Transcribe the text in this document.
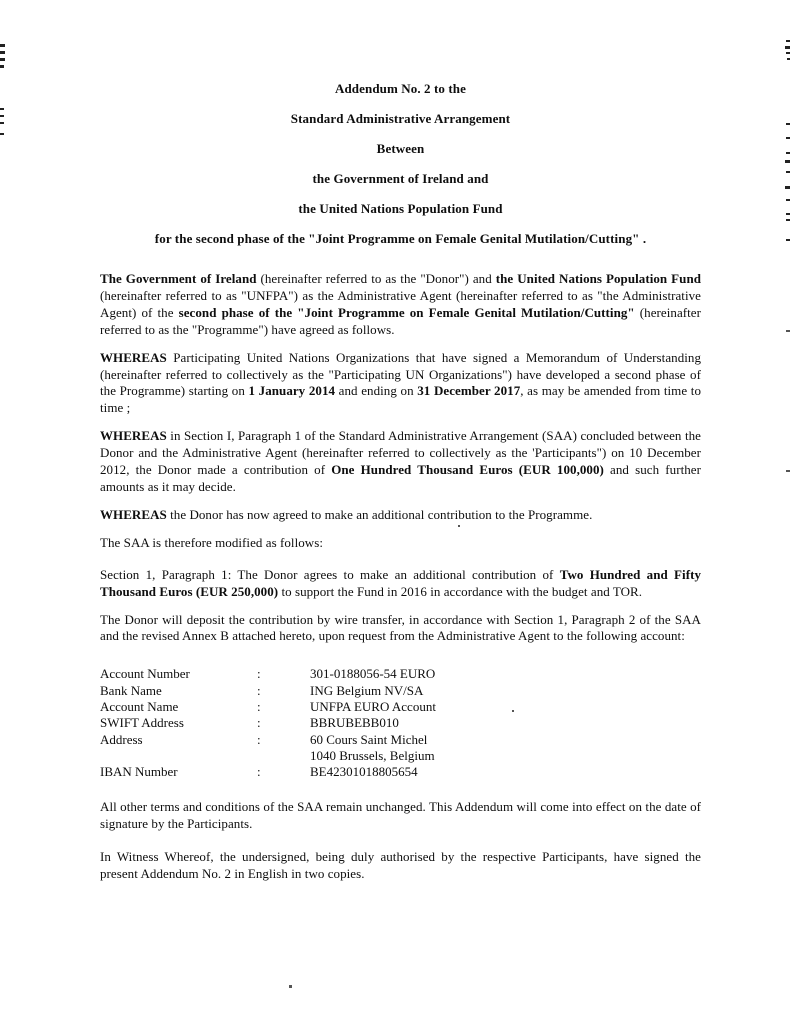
Addendum No. 2 to the

Standard Administrative Arrangement

Between

the Government of Ireland and

the United Nations Population Fund

for the second phase of the "Joint Programme on Female Genital Mutilation/Cutting" .

The Government of Ireland (hereinafter referred to as the "Donor") and the United Nations Population Fund (hereinafter referred to as "UNFPA") as the Administrative Agent (hereinafter referred to as "the Administrative Agent) of the second phase of the "Joint Programme on Female Genital Mutilation/Cutting" (hereinafter referred to as the "Programme") have agreed as follows.

WHEREAS Participating United Nations Organizations that have signed a Memorandum of Understanding (hereinafter referred to collectively as the "Participating UN Organizations") have developed a second phase of the Programme) starting on 1 January 2014 and ending on 31 December 2017, as may be amended from time to time ;

WHEREAS in Section I, Paragraph 1 of the Standard Administrative Arrangement (SAA) concluded between the Donor and the Administrative Agent (hereinafter referred to collectively as the 'Participants") on 10 December 2012, the Donor made a contribution of One Hundred Thousand Euros (EUR 100,000) and such further amounts as it may decide.

WHEREAS the Donor has now agreed to make an additional contribution to the Programme.

The SAA is therefore modified as follows:

Section 1, Paragraph 1: The Donor agrees to make an additional contribution of Two Hundred and Fifty Thousand Euros (EUR 250,000) to support the Fund in 2016 in accordance with the budget and TOR.

The Donor will deposit the contribution by wire transfer, in accordance with Section 1, Paragraph 2 of the SAA and the revised Annex B attached hereto, upon request from the Administrative Agent to the following account:

Account Number	:	301-0188056-54 EURO
Bank Name	:	ING Belgium NV/SA
Account Name	:	UNFPA EURO Account
SWIFT Address	:	BBRUBEBB010
Address	:	60 Cours Saint Michel
1040 Brussels, Belgium
IBAN Number	:	BE42301018805654

All other terms and conditions of the SAA remain unchanged. This Addendum will come into effect on the date of signature by the Participants.

In Witness Whereof, the undersigned, being duly authorised by the respective Participants, have signed the present Addendum No. 2 in English in two copies.
